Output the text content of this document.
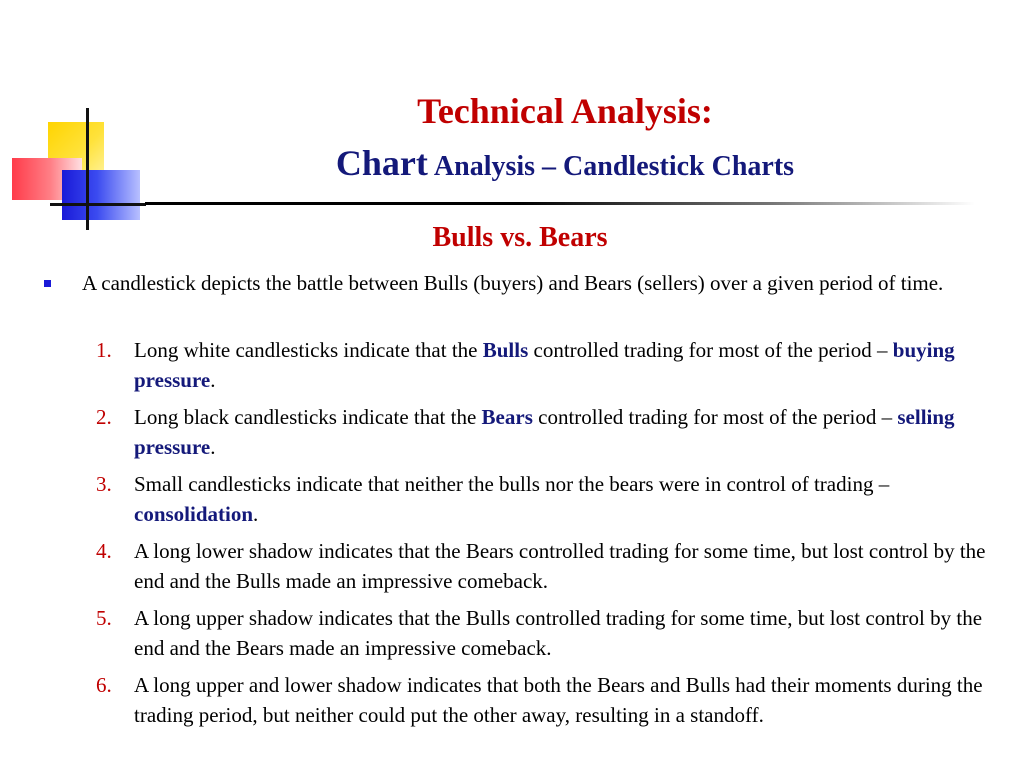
Technical Analysis:
Chart Analysis – Candlestick Charts
Bulls vs. Bears

A candlestick depicts the battle between Bulls (buyers) and Bears (sellers) over a given period of time.

1. Long white candlesticks indicate that the Bulls controlled trading for most of the period – buying pressure.
2. Long black candlesticks indicate that the Bears controlled trading for most of the period – selling pressure.
3. Small candlesticks indicate that neither the bulls nor the bears were in control of trading – consolidation.
4. A long lower shadow indicates that the Bears controlled trading for some time, but lost control by the end and the Bulls made an impressive comeback.
5. A long upper shadow indicates that the Bulls controlled trading for some time, but lost control by the end and the Bears made an impressive comeback.
6. A long upper and lower shadow indicates that both the Bears and Bulls had their moments during the trading period, but neither could put the other away, resulting in a standoff.
